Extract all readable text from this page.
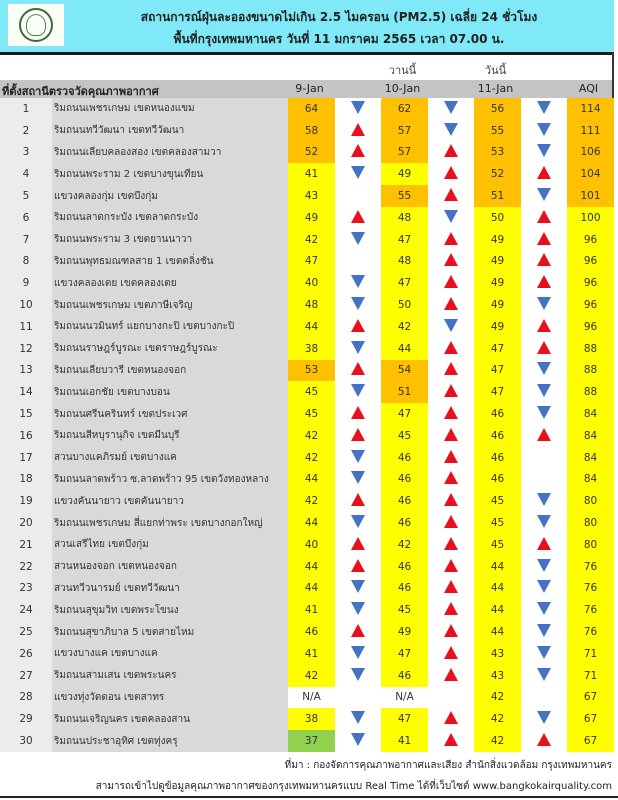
สถานการณ์ฝุ่นละอองขนาดไม่เกิน 2.5 ไมครอน (PM2.5) เฉลี่ย 24 ชั่วโมง
พื้นที่กรุงเทพมหานคร วันที่ 11 มกราคม 2565 เวลา 07.00 น.
วานนี้	วันนี้
ที่ตั้งสถานีตรวจวัดคุณภาพอากาศ	9-Jan	10-Jan	11-Jan	AQI
1	ริมถนนเพชรเกษม เขตหนองแขม	64		62		56		114
2	ริมถนนทวีวัฒนา เขตทวีวัฒนา	58		57		55		111
3	ริมถนนเลียบคลองสอง เขตคลองสามวา	52		57		53		106
4	ริมถนนพระราม 2 เขตบางขุนเทียน	41		49		52		104
5	แขวงคลองกุ่ม เขตบึงกุ่ม	43		55		51		101
6	ริมถนนลาดกระบัง เขตลาดกระบัง	49		48		50		100
7	ริมถนนพระราม 3 เขตยานนาวา	42		47		49		96
8	ริมถนนพุทธมณฑลสาย 1 เขตตลิ่งชัน	47		48		49		96
9	แขวงคลองเตย เขตคลองเตย	40		47		49		96
10	ริมถนนเพชรเกษม เขตภาษีเจริญ	48		50		49		96
11	ริมถนนนวมินทร์ แยกบางกะปิ เขตบางกะปิ	44		42		49		96
12	ริมถนนราษฎร์บูรณะ เขตราษฎร์บูรณะ	38		44		47		88
13	ริมถนนเลียบวารี เขตหนองจอก	53		54		47		88
14	ริมถนนเอกชัย เขตบางบอน	45		51		47		88
15	ริมถนนศรีนครินทร์ เขตประเวศ	45		47		46		84
16	ริมถนนสีหบุรานุกิจ เขตมีนบุรี	42		45		46		84
17	สวนบางแคภิรมย์ เขตบางแค	42		46		46		84
18	ริมถนนลาดพร้าว ซ.ลาดพร้าว 95 เขตวังทองหลาง	44		46		46		84
19	แขวงคันนายาว เขตคันนายาว	42		46		45		80
20	ริมถนนเพชรเกษม สี่แยกท่าพระ เขตบางกอกใหญ่	44		46		45		80
21	สวนเสรีไทย เขตบึงกุ่ม	40		42		45		80
22	สวนหนองจอก เขตหนองจอก	44		46		44		76
23	สวนทวีวนารมย์ เขตทวีวัฒนา	44		46		44		76
24	ริมถนนสุขุมวิท เขตพระโขนง	41		45		44		76
25	ริมถนนสุขาภิบาล 5 เขตสายไหม	46		49		44		76
26	แขวงบางแค เขตบางแค	41		47		43		71
27	ริมถนนสามเสน เขตพระนคร	42		46		43		71
28	แขวงทุ่งวัดดอน เขตสาทร	N/A		N/A		42		67
29	ริมถนนเจริญนคร เขตคลองสาน	38		47		42		67
30	ริมถนนประชาอุทิศ เขตทุ่งครุ	37		41		42		67
ที่มา : กองจัดการคุณภาพอากาศและเสียง สำนักสิ่งแวดล้อม กรุงเทพมหานคร
สามารถเข้าไปดูข้อมูลคุณภาพอากาศของกรุงเทพมหานครแบบ Real Time ได้ที่เว็บไซต์ www.bangkokairquality.com
